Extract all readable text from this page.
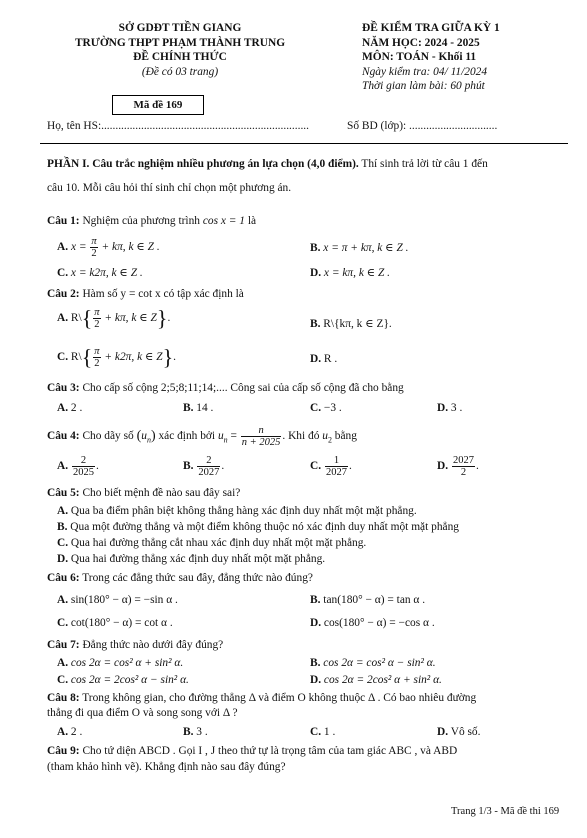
SỞ GDĐT TIỀN GIANG
TRƯỜNG THPT PHẠM THÀNH TRUNG
ĐỀ CHÍNH THỨC
(Đề có 03 trang)
ĐỀ KIỂM TRA GIỮA KỲ 1
NĂM HỌC: 2024 - 2025
MÔN: TOÁN - Khối 11
Ngày kiểm tra: 04/ 11/2024
Thời gian làm bài: 60 phút
Mã đề 169
Họ, tên HS:.........................................................................	Số BD (lớp): ...............................
PHẦN I. Câu trắc nghiệm nhiều phương án lựa chọn (4,0 điểm). Thí sinh trả lời từ câu 1 đến
câu 10. Mỗi câu hỏi thí sinh chỉ chọn một phương án.
Câu 1: Nghiệm của phương trình cos x = 1 là
A. $x = \frac{\pi}{2} + k\pi$, k ∈ Z .	B. x = π + kπ, k ∈ Z .
C. x = k2π, k ∈ Z .	D. x = kπ, k ∈ Z .
Câu 2: Hàm số y = cot x có tập xác định là
A. R\{ $\frac{\pi}{2} + k\pi$, k ∈ Z}.	B. R\{kπ, k ∈ Z}.
C. R\{ $\frac{\pi}{2} + k2\pi$, k ∈ Z}.	D. R .
Câu 3: Cho cấp số cộng 2;5;8;11;14;.... Công sai của cấp số cộng đã cho bằng
A. 2 .	B. 14 .	C. −3 .	D. 3 .
Câu 4: Cho dãy số $(u_n)$ xác định bởi $u_n = \frac{n}{n + 2025}$ . Khi đó $u_2$ bằng
A. $\frac{2}{2025}$ .	B. $\frac{2}{2027}$ .	C. $\frac{1}{2027}$ .	D. $\frac{2027}{2}$ .
Câu 5: Cho biết mệnh đề nào sau đây sai?
A. Qua ba điểm phân biệt không thẳng hàng xác định duy nhất một mặt phẳng.
B. Qua một đường thẳng và một điểm không thuộc nó xác định duy nhất một mặt phẳng
C. Qua hai đường thẳng cắt nhau xác định duy nhất một mặt phẳng.
D. Qua hai đường thẳng xác định duy nhất một mặt phẳng.
Câu 6: Trong các đẳng thức sau đây, đẳng thức nào đúng?
A. sin(180° − α) = −sin α .	B. tan(180° − α) = tan α .
C. cot(180° − α) = cot α .	D. cos(180° − α) = −cos α .
Câu 7: Đẳng thức nào dưới đây đúng?
A. cos 2α = cos² α + sin² α.	B. cos 2α = cos² α − sin² α.
C. cos 2α = 2cos² α − sin² α.	D. cos 2α = 2cos² α + sin² α.
Câu 8: Trong không gian, cho đường thẳng Δ và điểm O không thuộc Δ . Có bao nhiêu đường
thẳng đi qua điểm O và song song với Δ ?
A. 2 .	B. 3 .	C. 1 .	D. Vô số.
Câu 9: Cho tứ diện ABCD . Gọi I , J theo thứ tự là trọng tâm của tam giác ABC , và ABD
(tham khảo hình vẽ). Khẳng định nào sau đây đúng?
Trang 1/3 - Mã đề thi 169
